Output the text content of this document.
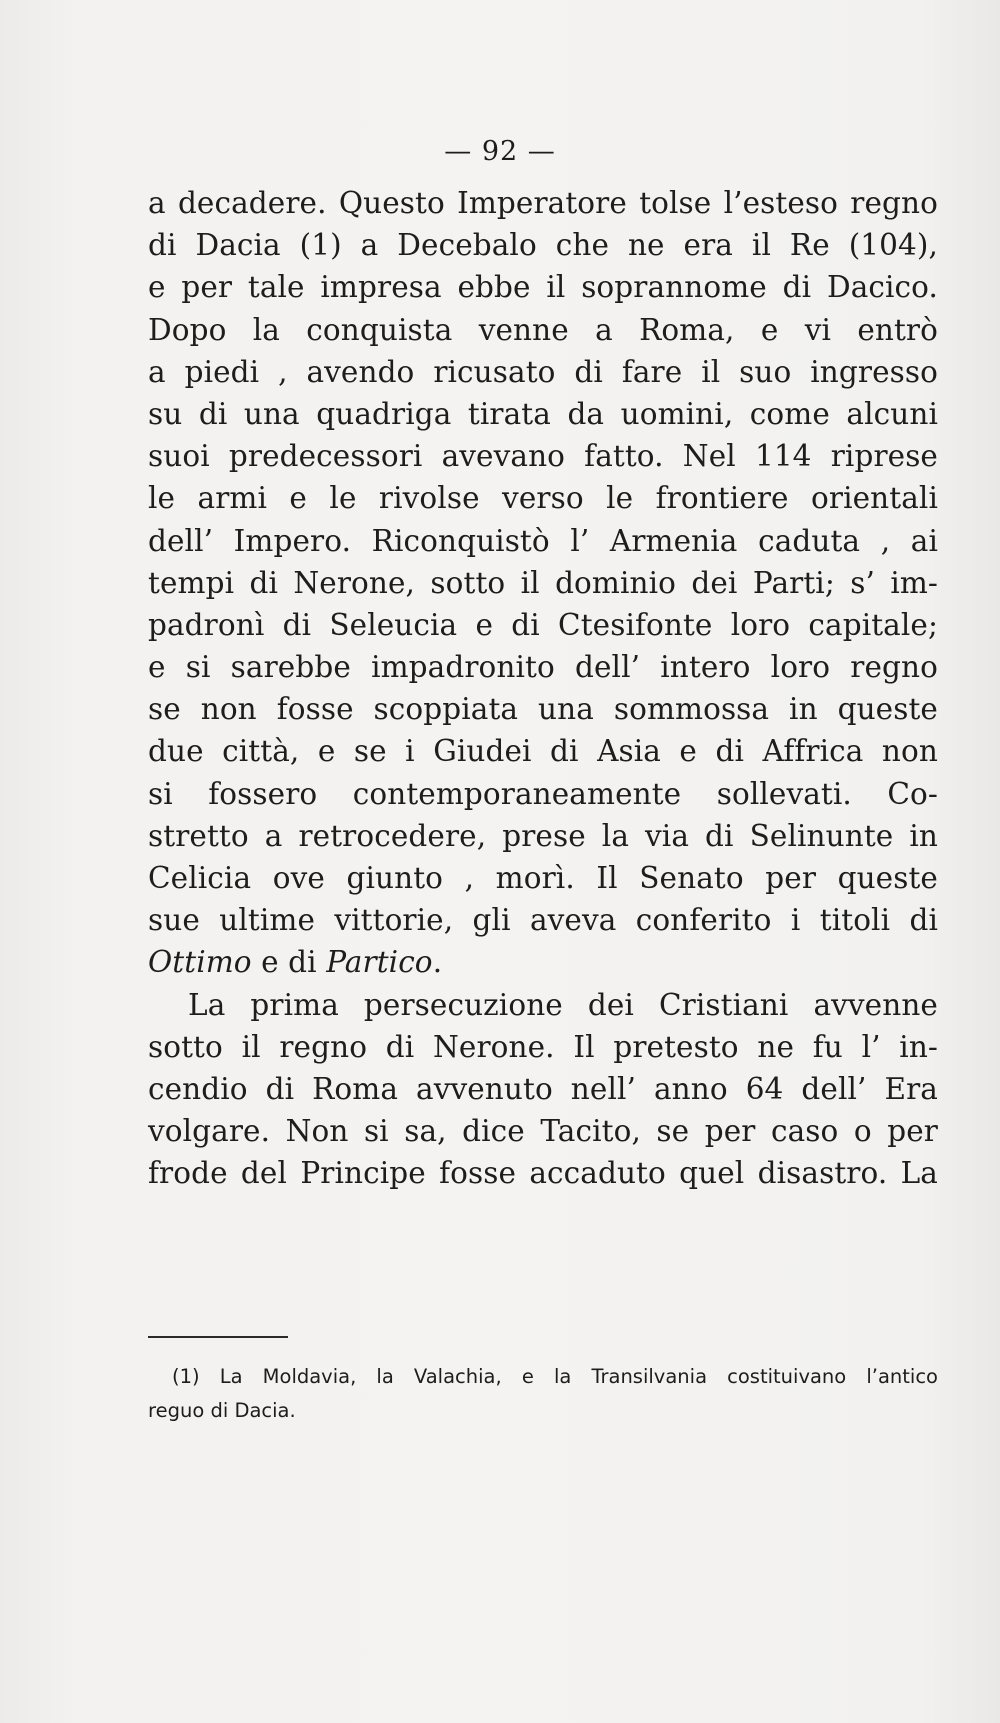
— 92 —
a decadere. Questo Imperatore tolse l’esteso regno
di Dacia (1) a Decebalo che ne era il Re (104),
e per tale impresa ebbe il soprannome di Dacico.
Dopo la conquista venne a Roma, e vi entrò
a piedi , avendo ricusato di fare il suo ingresso
su di una quadriga tirata da uomini, come alcuni
suoi predecessori avevano fatto. Nel 114 riprese
le armi e le rivolse verso le frontiere orientali
dell’ Impero. Riconquistò l’ Armenia caduta , ai
tempi di Nerone, sotto il dominio dei Parti; s’ im-
padronì di Seleucia e di Ctesifonte loro capitale;
e si sarebbe impadronito dell’ intero loro regno
se non fosse scoppiata una sommossa in queste
due città, e se i Giudei di Asia e di Affrica non
si fossero contemporaneamente sollevati. Co-
stretto a retrocedere, prese la via di Selinunte in
Celicia ove giunto , morì. Il Senato per queste
sue ultime vittorie, gli aveva conferito i titoli di
Ottimo e di Partico.
La prima persecuzione dei Cristiani avvenne
sotto il regno di Nerone. Il pretesto ne fu l’ in-
cendio di Roma avvenuto nell’ anno 64 dell’ Era
volgare. Non si sa, dice Tacito, se per caso o per
frode del Principe fosse accaduto quel disastro. La
(1) La Moldavia, la Valachia, e la Transilvania costituivano l’antico
reguo di Dacia.
